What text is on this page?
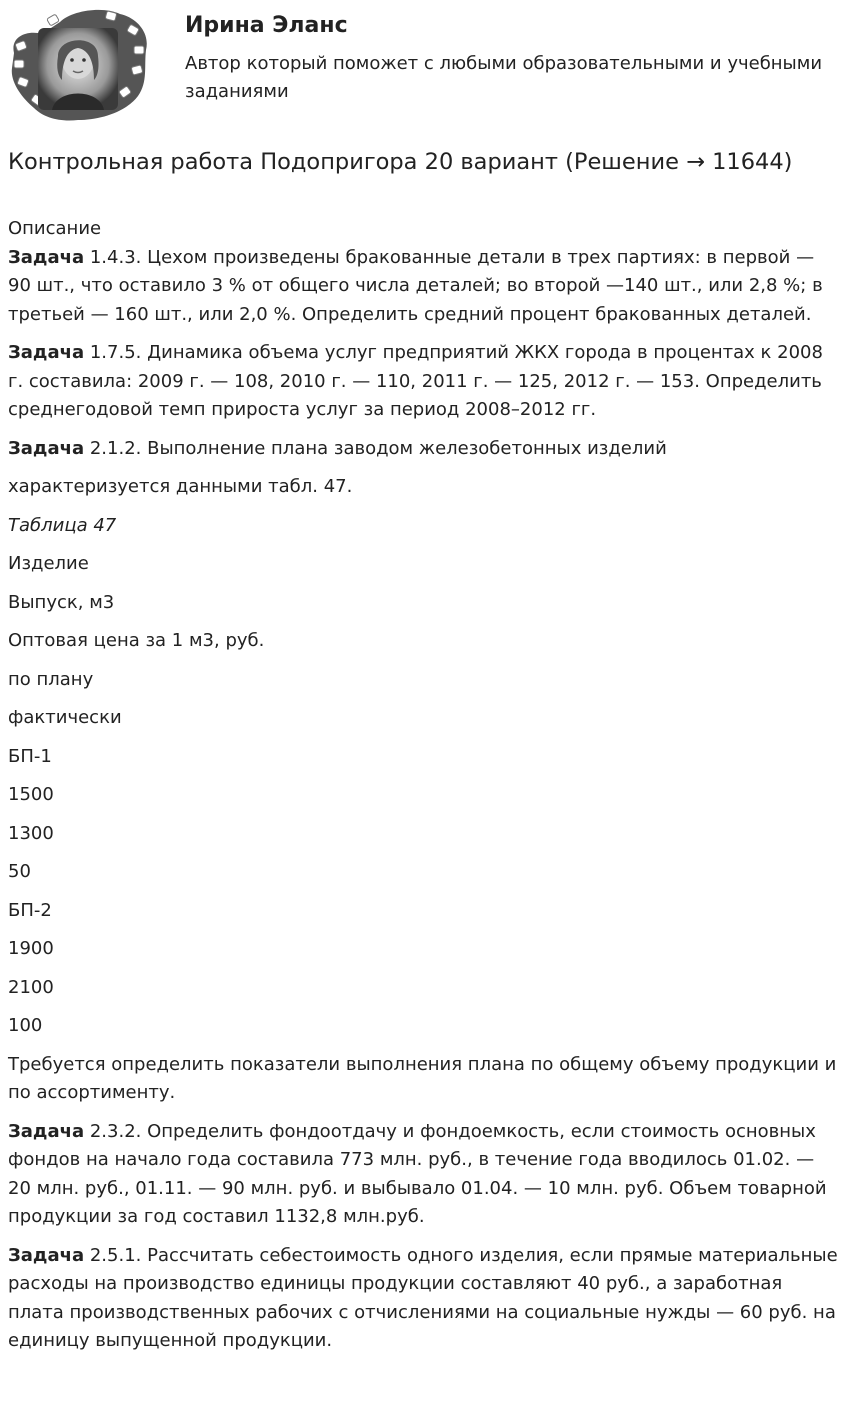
Ирина Эланс
Автор который поможет с любыми образовательными и учебными заданиями
Контрольная работа Подопригора 20 вариант (Решение → 11644)

Описание

Задача 1.4.3. Цехом произведены бракованные детали в трех партиях: в первой — 90 шт., что оставило 3 % от общего числа деталей; во второй —140 шт., или 2,8 %; в третьей — 160 шт., или 2,0 %. Определить средний процент бракованных деталей.

Задача 1.7.5. Динамика объема услуг предприятий ЖКХ города в процентах к 2008 г. составила: 2009 г. — 108, 2010 г. — 110, 2011 г. — 125, 2012 г. — 153. Определить среднегодовой темп прироста услуг за период 2008–2012 гг.

Задача 2.1.2. Выполнение плана заводом железобетонных изделий

характеризуется данными табл. 47.

Таблица 47

Изделие

Выпуск, м3

Оптовая цена за 1 м3, руб.

по плану

фактически

БП-1

1500

1300

50

БП-2

1900

2100

100

Требуется определить показатели выполнения плана по общему объему продукции и по ассортименту.

Задача 2.3.2. Определить фондоотдачу и фондоемкость, если стоимость основных фондов на начало года составила 773 млн. руб., в течение года вводилось 01.02. — 20 млн. руб., 01.11. — 90 млн. руб. и выбывало 01.04. — 10 млн. руб. Объем товарной продукции за год составил 1132,8 млн.руб.

Задача 2.5.1. Рассчитать себестоимость одного изделия, если прямые материальные расходы на производство единицы продукции составляют 40 руб., а заработная плата производственных рабочих с отчислениями на социальные нужды — 60 руб. на единицу выпущенной продукции.
